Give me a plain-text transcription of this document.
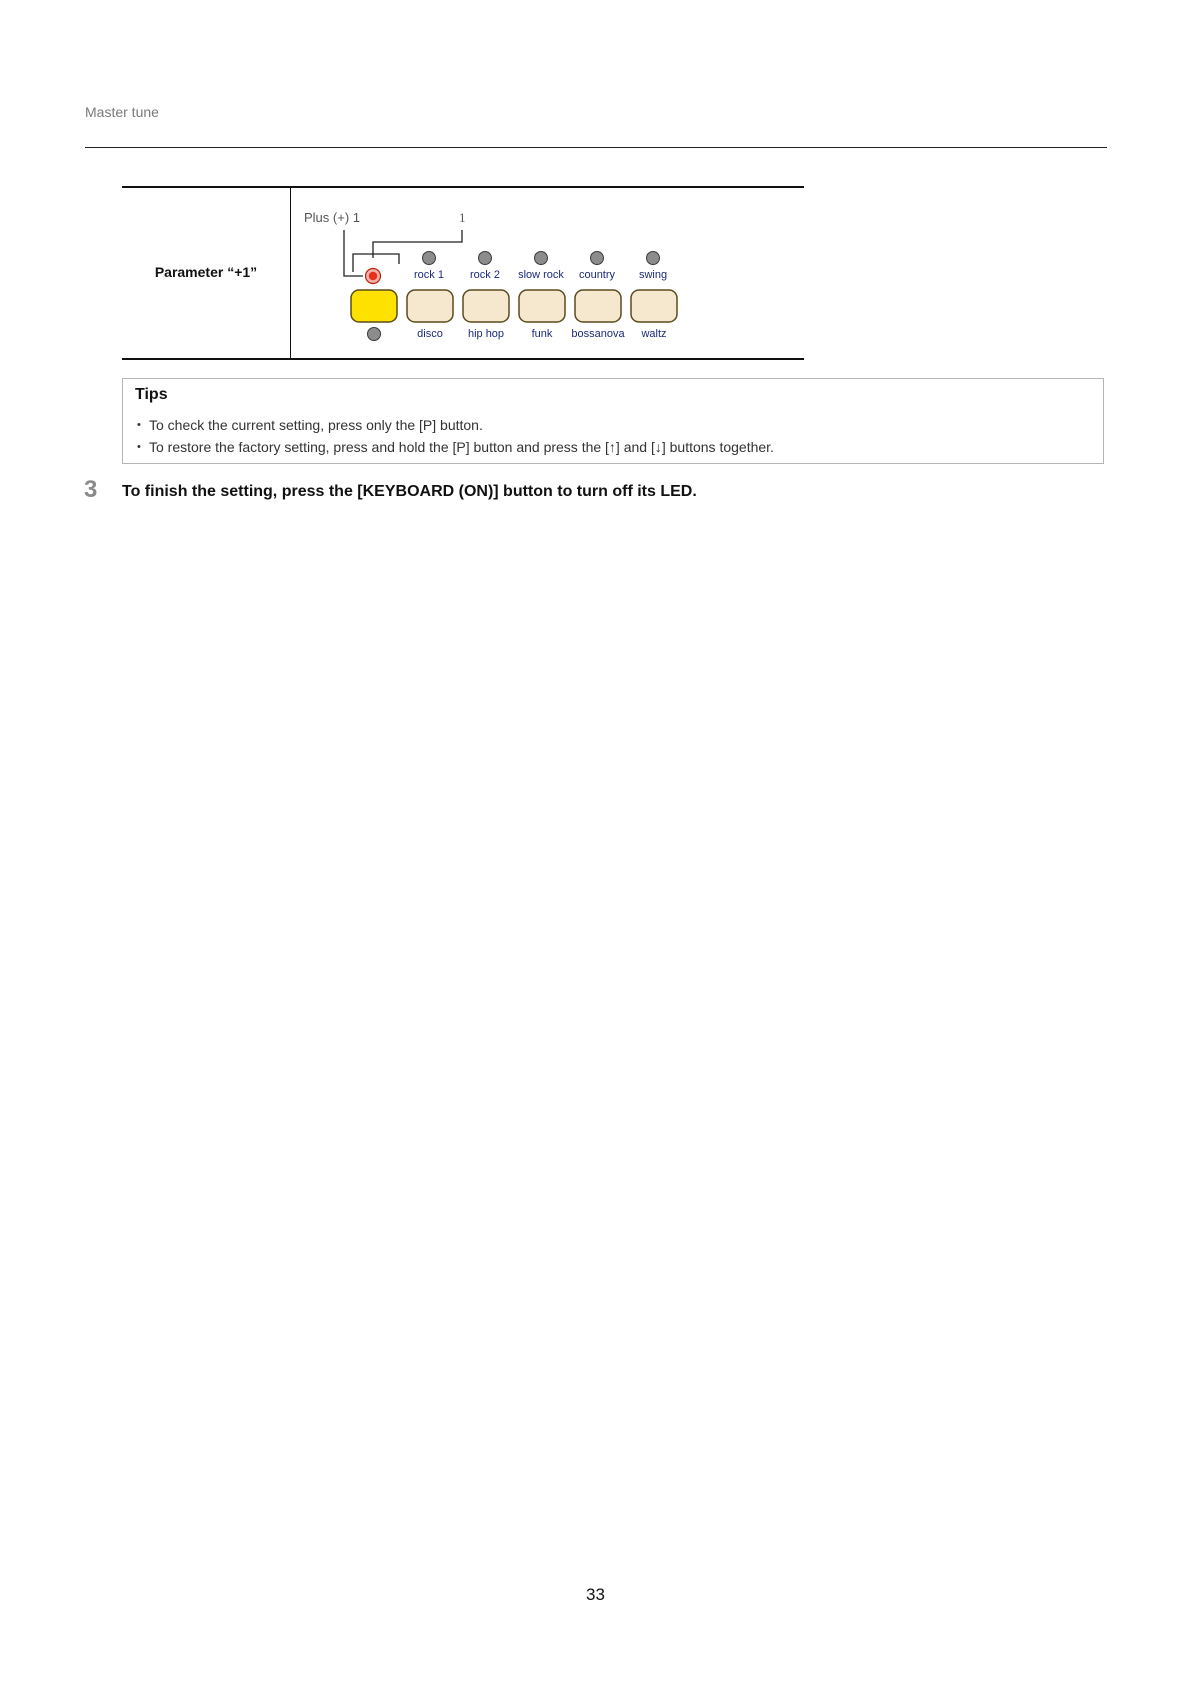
Master tune
Parameter “+1”
Plus (+) 1	1
rock 1 rock 2 slow rock country swing
disco hip hop	funk bossanova waltz
Tips
• To check the current setting, press only the [P] button.
• To restore the factory setting, press and hold the [P] button and press the [↑] and [↓] buttons together.
3 To finish the setting, press the [KEYBOARD (ON)] button to turn off its LED.
33
